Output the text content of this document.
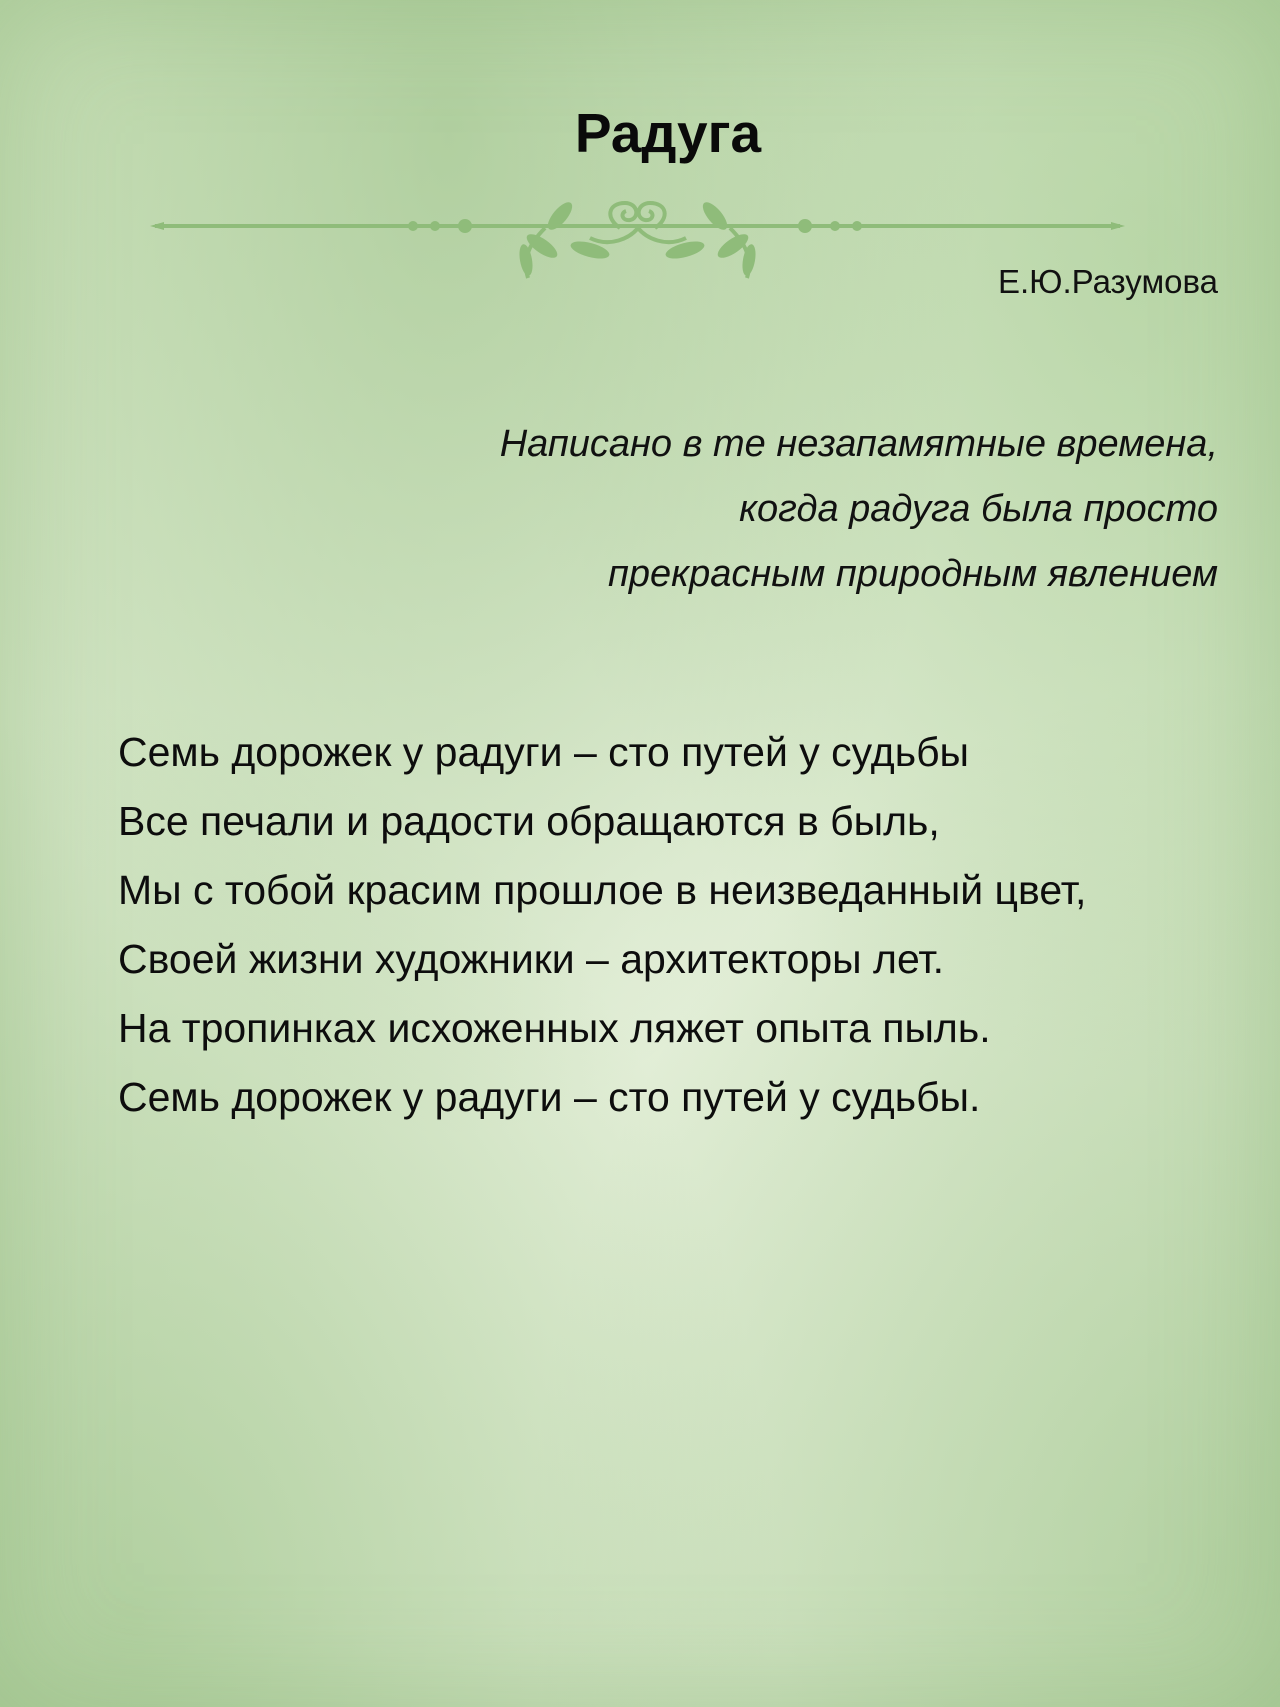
Радуга
Е.Ю.Разумова
Написано в те незапамятные времена,
когда радуга была просто
прекрасным природным явлением
Семь дорожек у радуги – сто путей у судьбы
Все печали и радости обращаются в быль,
Мы с тобой красим прошлое в неизведанный цвет,
Своей жизни художники – архитекторы лет.
На тропинках исхоженных ляжет опыта пыль.
Семь дорожек у радуги – сто путей у судьбы.
